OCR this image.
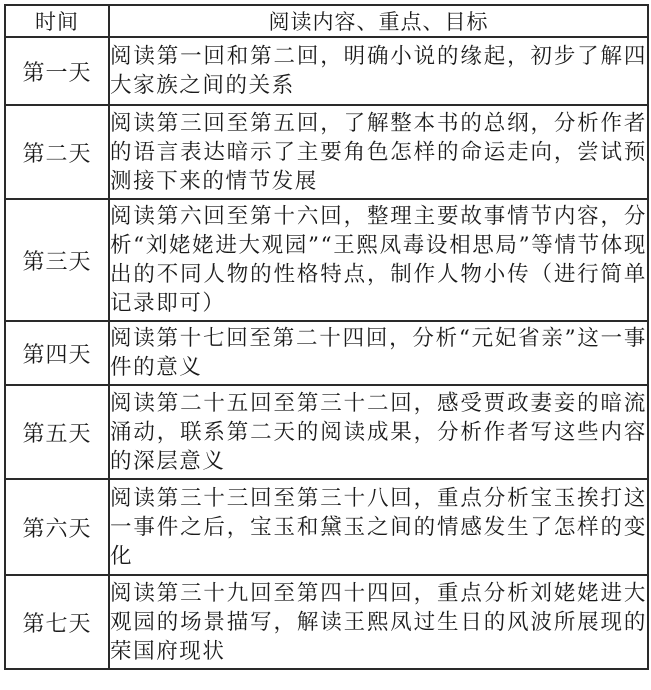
时间	阅读内容、重点、目标
第一天	阅读第一回和第二回，明确小说的缘起，初步了解四大家族之间的关系
第二天	阅读第三回至第五回，了解整本书的总纲，分析作者的语言表达暗示了主要角色怎样的命运走向，尝试预测接下来的情节发展
第三天	阅读第六回至第十六回，整理主要故事情节内容，分析“刘姥姥进大观园”“王熙凤毒设相思局”等情节体现出的不同人物的性格特点，制作人物小传（进行简单记录即可）
第四天	阅读第十七回至第二十四回，分析“元妃省亲”这一事件的意义
第五天	阅读第二十五回至第三十二回，感受贾政妻妾的暗流涌动，联系第二天的阅读成果，分析作者写这些内容的深层意义
第六天	阅读第三十三回至第三十八回，重点分析宝玉挨打这一事件之后，宝玉和黛玉之间的情感发生了怎样的变化
第七天	阅读第三十九回至第四十四回，重点分析刘姥姥进大观园的场景描写，解读王熙凤过生日的风波所展现的荣国府现状
